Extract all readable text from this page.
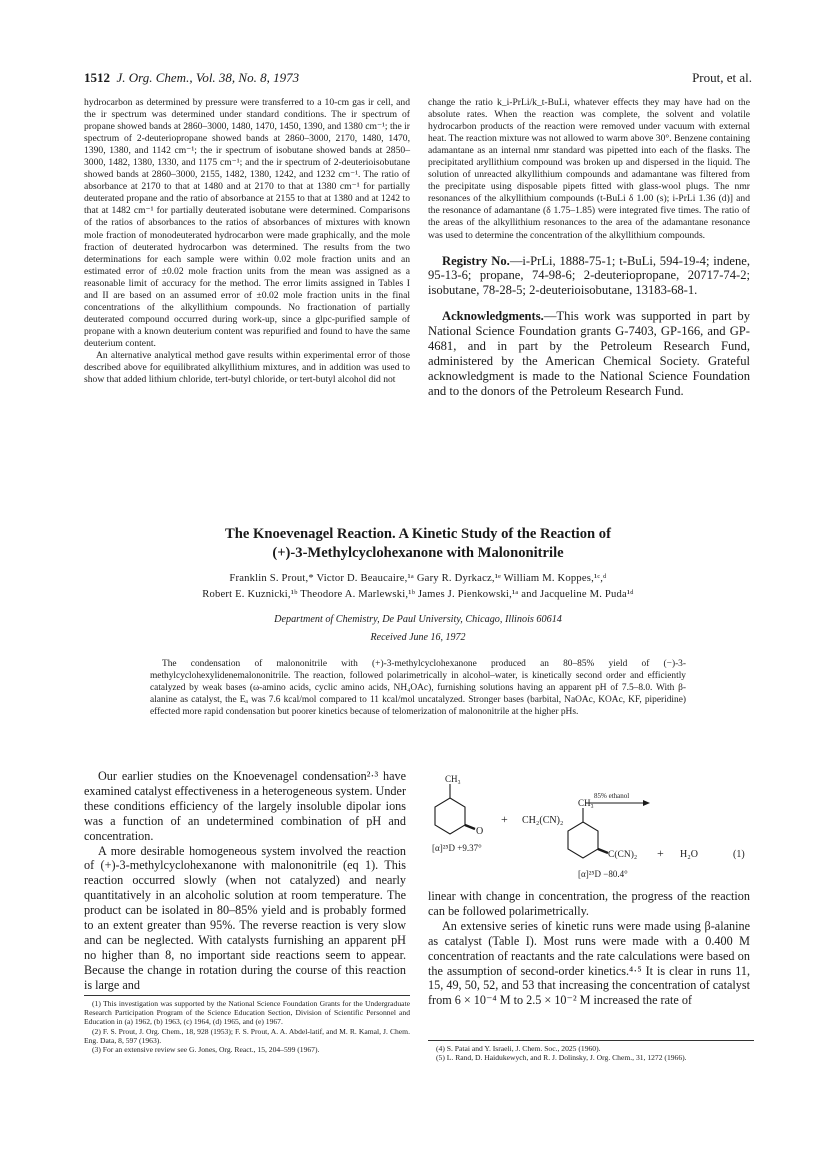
1512 J. Org. Chem., Vol. 38, No. 8, 1973	Prout, et al.

hydrocarbon as determined by pressure were transferred to a 10-cm gas ir cell, and the ir spectrum was determined under standard conditions. The ir spectrum of propane showed bands at 2860–3000, 1480, 1470, 1450, 1390, and 1380 cm⁻¹; the ir spectrum of 2-deuteriopropane showed bands at 2860–3000, 2170, 1480, 1470, 1390, 1380, and 1142 cm⁻¹; the ir spectrum of isobutane showed bands at 2850–3000, 1482, 1380, 1330, and 1175 cm⁻¹; and the ir spectrum of 2-deuterioisobutane showed bands at 2860–3000, 2155, 1482, 1380, 1242, and 1232 cm⁻¹. The ratio of absorbance at 2170 to that at 1480 and at 2170 to that at 1380 cm⁻¹ for partially deuterated propane and the ratio of absorbance at 2155 to that at 1380 and at 1242 to that at 1482 cm⁻¹ for partially deuterated isobutane were determined. Comparisons of the ratios of absorbances to the ratios of absorbances of mixtures with known mole fraction of monodeuterated hydrocarbon were made graphically, and the mole fraction of deuterated hydrocarbon was determined. The results from the two determinations for each sample were within 0.02 mole fraction units and an estimated error of ±0.02 mole fraction units from the mean was assigned as a reasonable limit of accuracy for the method. The error limits assigned in Tables I and II are based on an assumed error of ±0.02 mole fraction units in the final concentrations of the alkyllithium compounds. No fractionation of partially deuterated compound occurred during work-up, since a glpc-purified sample of propane with a known deuterium content was repurified and found to have the same deuterium content.

An alternative analytical method gave results within experimental error of those described above for equilibrated alkyllithium mixtures, and in addition was used to show that added lithium chloride, tert-butyl chloride, or tert-butyl alcohol did not

change the ratio k_i-PrLi/k_t-BuLi, whatever effects they may have had on the absolute rates. When the reaction was complete, the solvent and volatile hydrocarbon products of the reaction were removed under vacuum with external heat. The reaction mixture was not allowed to warm above 30°. Benzene containing adamantane as an internal nmr standard was pipetted into each of the flasks. The precipitated aryllithium compound was broken up and dispersed in the liquid. The solution of unreacted alkyllithium compounds and adamantane was filtered from the precipitate using disposable pipets fitted with glass-wool plugs. The nmr resonances of the alkyllithium compounds (t-BuLi δ 1.00 (s); i-PrLi 1.36 (d)] and the resonance of adamantane (δ 1.75–1.85) were integrated five times. The ratio of the areas of the alkyllithium resonances to the area of the adamantane resonance was used to determine the concentration of the alkyllithium compounds.

Registry No.—i-PrLi, 1888-75-1; t-BuLi, 594-19-4; indene, 95-13-6; propane, 74-98-6; 2-deuteriopropane, 20717-74-2; isobutane, 78-28-5; 2-deuterioisobutane, 13183-68-1.

Acknowledgments.—This work was supported in part by National Science Foundation grants G-7403, GP-166, and GP-4681, and in part by the Petroleum Research Fund, administered by the American Chemical Society. Grateful acknowledgment is made to the National Science Foundation and to the donors of the Petroleum Research Fund.

The Knoevenagel Reaction. A Kinetic Study of the Reaction of
(+)-3-Methylcyclohexanone with Malononitrile
Franklin S. Prout,* Victor D. Beaucaire,¹ᵃ Gary R. Dyrkacz,¹ᵉ William M. Koppes,¹ᶜ,ᵈ
Robert E. Kuznicki,¹ᵇ Theodore A. Marlewski,¹ᵇ James J. Pienkowski,¹ᵃ and Jacqueline M. Puda¹ᵈ
Department of Chemistry, De Paul University, Chicago, Illinois 60614
Received June 16, 1972
The condensation of malononitrile with (+)-3-methylcyclohexanone produced an 80–85% yield of (−)-3-methylcyclohexylidenemalononitrile. The reaction, followed polarimetrically in alcohol–water, is kinetically second order and efficiently catalyzed by weak bases (ω-amino acids, cyclic amino acids, NH₄OAc), furnishing solutions having an apparent pH of 7.5–8.0. With β-alanine as catalyst, the Eₐ was 7.6 kcal/mol compared to 11 kcal/mol uncatalyzed. Stronger bases (barbital, NaOAc, KOAc, KF, piperidine) effected more rapid condensation but poorer kinetics because of telomerization of malononitrile at the higher pHs.

Our earlier studies on the Knoevenagel condensation²·³ have examined catalyst effectiveness in a heterogeneous system. Under these conditions efficiency of the largely insoluble dipolar ions was a function of an undetermined combination of pH and concentration.

A more desirable homogeneous system involved the reaction of (+)-3-methylcyclohexanone with malononitrile (eq 1). This reaction occurred slowly (when not catalyzed) and nearly quantitatively in an alcoholic solution at room temperature. The product can be isolated in 80–85% yield and is probably formed to an extent greater than 95%. The reverse reaction is very slow and can be neglected. With catalysts furnishing an apparent pH no higher than 8, no important side reactions seem to appear. Because the change in rotation during the course of this reaction is large and

(1) This investigation was supported by the National Science Foundation Grants for the Undergraduate Research Participation Program of the Science Education Section, Division of Scientific Personnel and Education in (a) 1962, (b) 1963, (c) 1964, (d) 1965, and (e) 1967.

(2) F. S. Prout, J. Org. Chem., 18, 928 (1953); F. S. Prout, A. A. Abdel-latif, and M. R. Kamal, J. Chem. Eng. Data, 8, 597 (1963).

(3) For an extensive review see G. Jones, Org. React., 15, 204–599 (1967).

CH₃
O
[α]²⁵D +9.37°
+ CH₂(CN)₂
85% ethanol
CH₃
C(CN)₂ + H₂O	(1)
[α]²⁵D −80.4°

linear with change in concentration, the progress of the reaction can be followed polarimetrically.

An extensive series of kinetic runs were made using β-alanine as catalyst (Table I). Most runs were made with a 0.400 M concentration of reactants and the rate calculations were based on the assumption of second-order kinetics.⁴·⁵ It is clear in runs 11, 15, 49, 50, 52, and 53 that increasing the concentration of catalyst from 6 × 10⁻⁴ M to 2.5 × 10⁻² M increased the rate of

(4) S. Patai and Y. Israeli, J. Chem. Soc., 2025 (1960).

(5) L. Rand, D. Haidukewych, and R. J. Dolinsky, J. Org. Chem., 31, 1272 (1966).
